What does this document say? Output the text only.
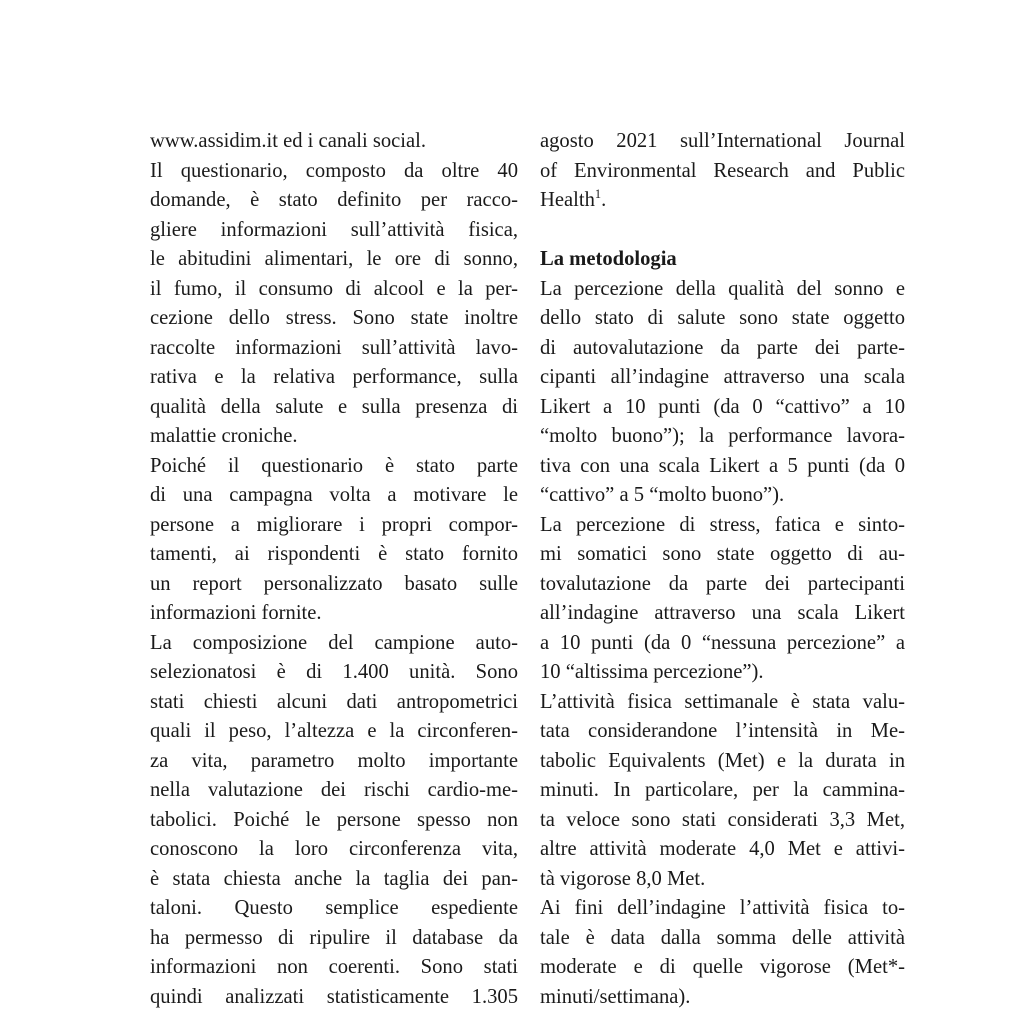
www.assidim.it ed i canali social.
Il questionario, composto da oltre 40
domande, è stato definito per racco-
gliere informazioni sull’attività fisica,
le abitudini alimentari, le ore di sonno,
il fumo, il consumo di alcool e la per-
cezione dello stress. Sono state inoltre
raccolte informazioni sull’attività lavo-
rativa e la relativa performance, sulla
qualità della salute e sulla presenza di
malattie croniche.
Poiché il questionario è stato parte
di una campagna volta a motivare le
persone a migliorare i propri compor-
tamenti, ai rispondenti è stato fornito
un report personalizzato basato sulle
informazioni fornite.
La composizione del campione auto-
selezionatosi è di 1.400 unità. Sono
stati chiesti alcuni dati antropometrici
quali il peso, l’altezza e la circonferen-
za vita, parametro molto importante
nella valutazione dei rischi cardio-me-
tabolici. Poiché le persone spesso non
conoscono la loro circonferenza vita,
è stata chiesta anche la taglia dei pan-
taloni. Questo semplice espediente
ha permesso di ripulire il database da
informazioni non coerenti. Sono stati
quindi analizzati statisticamente 1.305
agosto 2021 sull’International Journal
of Environmental Research and Public
Health$^1$.
La metodologia
La percezione della qualità del sonno e
dello stato di salute sono state oggetto
di autovalutazione da parte dei parte-
cipanti all’indagine attraverso una scala
Likert a 10 punti (da 0 “cattivo” a 10
“molto buono”); la performance lavora-
tiva con una scala Likert a 5 punti (da 0
“cattivo” a 5 “molto buono”).
La percezione di stress, fatica e sinto-
mi somatici sono state oggetto di au-
tovalutazione da parte dei partecipanti
all’indagine attraverso una scala Likert
a 10 punti (da 0 “nessuna percezione” a
10 “altissima percezione”).
L’attività fisica settimanale è stata valu-
tata considerandone l’intensità in Me-
tabolic Equivalents (Met) e la durata in
minuti. In particolare, per la cammina-
ta veloce sono stati considerati 3,3 Met,
altre attività moderate 4,0 Met e attivi-
tà vigorose 8,0 Met.
Ai fini dell’indagine l’attività fisica to-
tale è data dalla somma delle attività
moderate e di quelle vigorose (Met*-
minuti/settimana).
